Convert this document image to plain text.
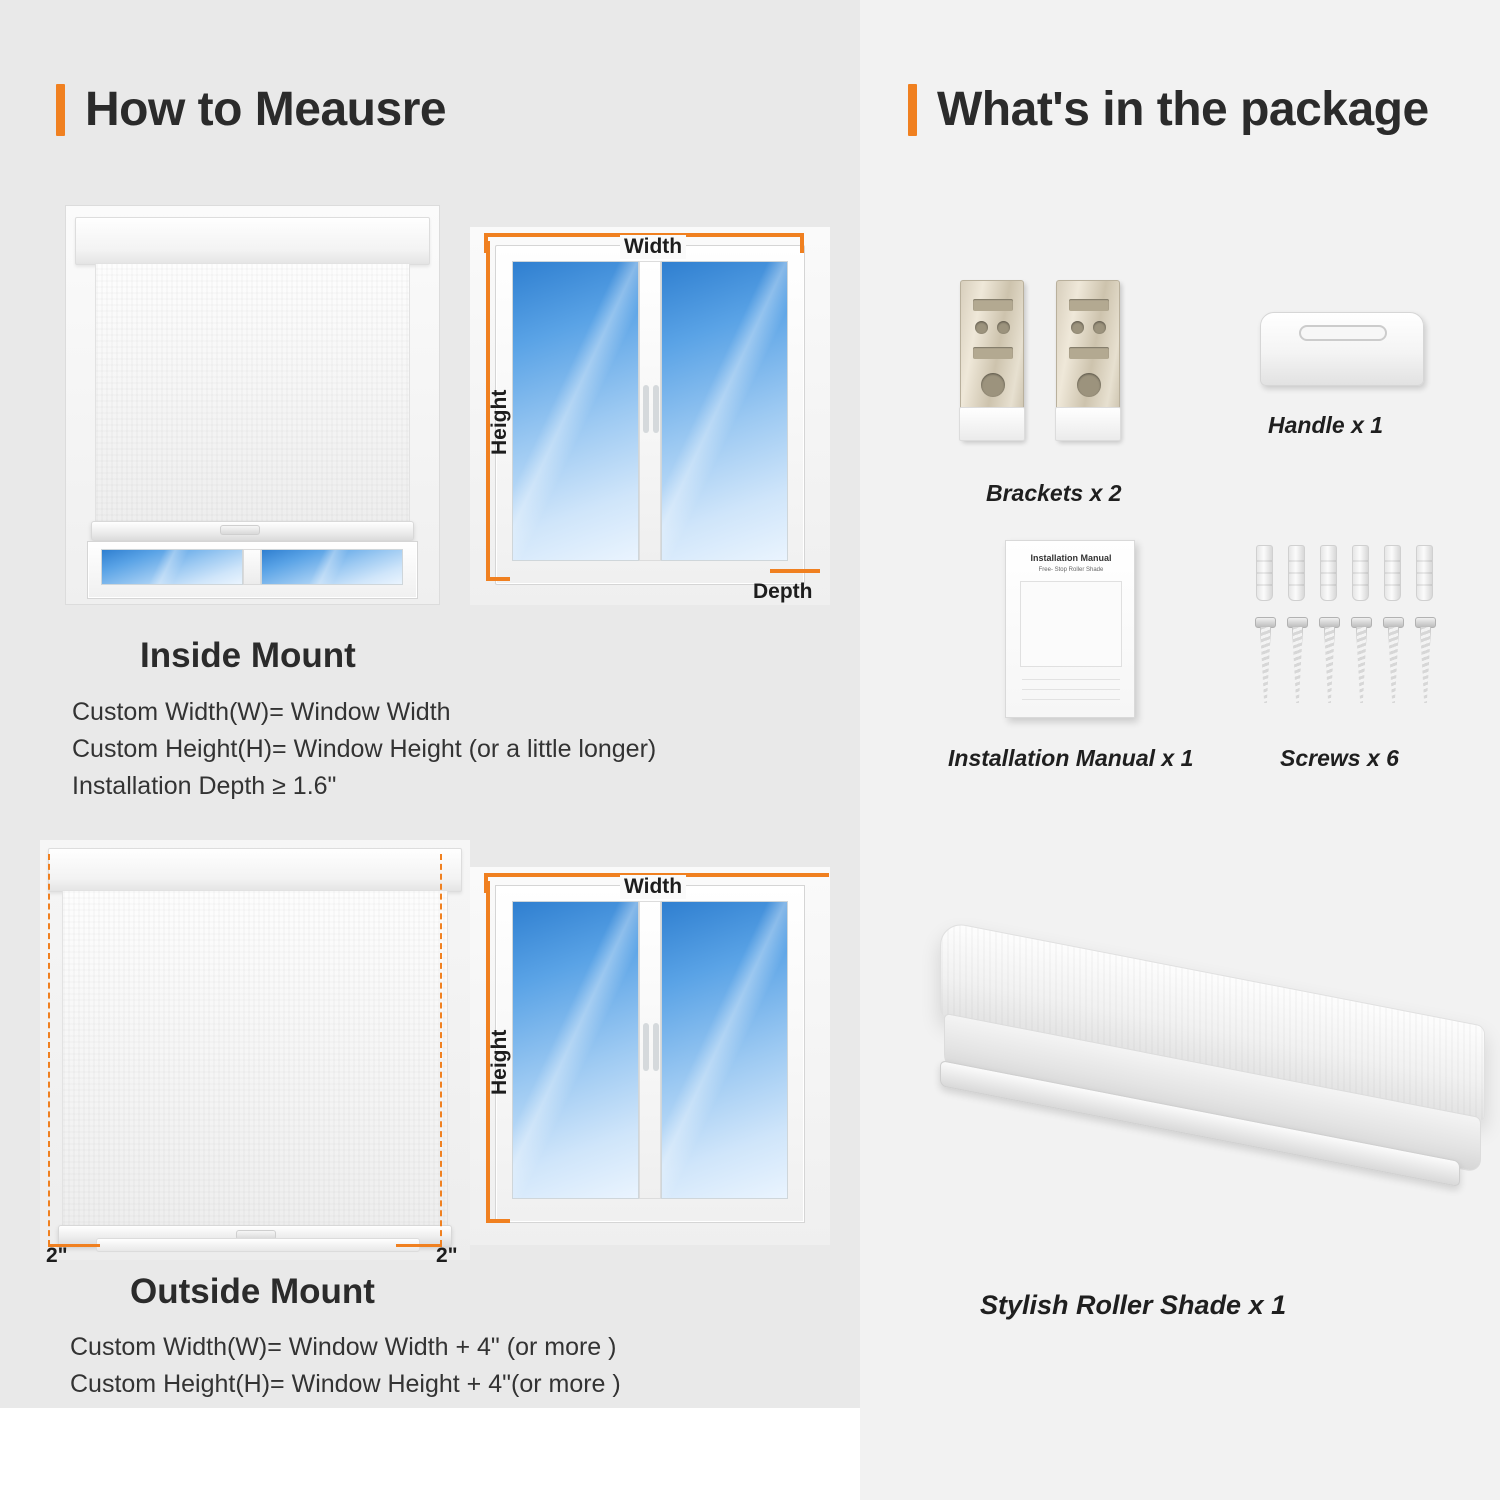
How to Meausre
Width
Height
Depth
Inside Mount
Custom Width(W)= Window Width
Custom Height(H)= Window Height (or a little longer)
Installation Depth ≥ 1.6"
2"	2"
Width
Height
Outside Mount
Custom Width(W)= Window Width + 4" (or more )
Custom Height(H)= Window Height + 4"(or more )
What's in the package
Brackets x 2
Handle x 1
Installation Manual
Free- Stop Roller Shade
Installation Manual x 1	Screws x 6
Stylish Roller Shade x 1
